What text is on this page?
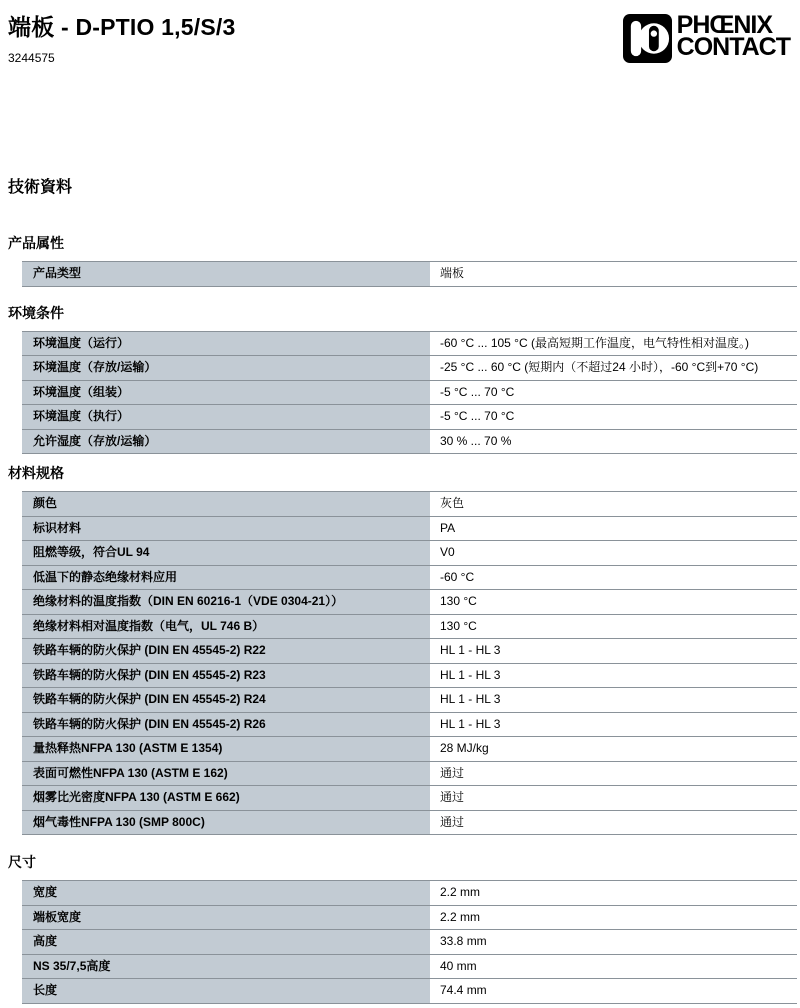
端板 - D-PTIO 1,5/S/3
3244575
PHŒNIX
CONTACT
技術資料
产品属性
产品类型	端板
环境条件
环境温度（运行）	-60 °C ... 105 °C (最高短期工作温度，电气特性相对温度。)
环境温度（存放/运输）	-25 °C ... 60 °C (短期内（不超过24 小时），-60 °C到+70 °C)
环境温度（组装）	-5 °C ... 70 °C
环境温度（执行）	-5 °C ... 70 °C
允许湿度（存放/运输）	30 % ... 70 %
材料规格
颜色	灰色
标识材料	PA
阻燃等级，符合UL 94	V0
低温下的静态绝缘材料应用	-60 °C
绝缘材料的温度指数（DIN EN 60216-1（VDE 0304-21））	130 °C
绝缘材料相对温度指数（电气，UL 746 B）	130 °C
铁路车辆的防火保护 (DIN EN 45545-2) R22	HL 1 - HL 3
铁路车辆的防火保护 (DIN EN 45545-2) R23	HL 1 - HL 3
铁路车辆的防火保护 (DIN EN 45545-2) R24	HL 1 - HL 3
铁路车辆的防火保护 (DIN EN 45545-2) R26	HL 1 - HL 3
量热释热NFPA 130 (ASTM E 1354)	28 MJ/kg
表面可燃性NFPA 130 (ASTM E 162)	通过
烟雾比光密度NFPA 130 (ASTM E 662)	通过
烟气毒性NFPA 130 (SMP 800C)	通过
尺寸
宽度	2.2 mm
端板宽度	2.2 mm
高度	33.8 mm
NS 35/7,5高度	40 mm
长度	74.4 mm
